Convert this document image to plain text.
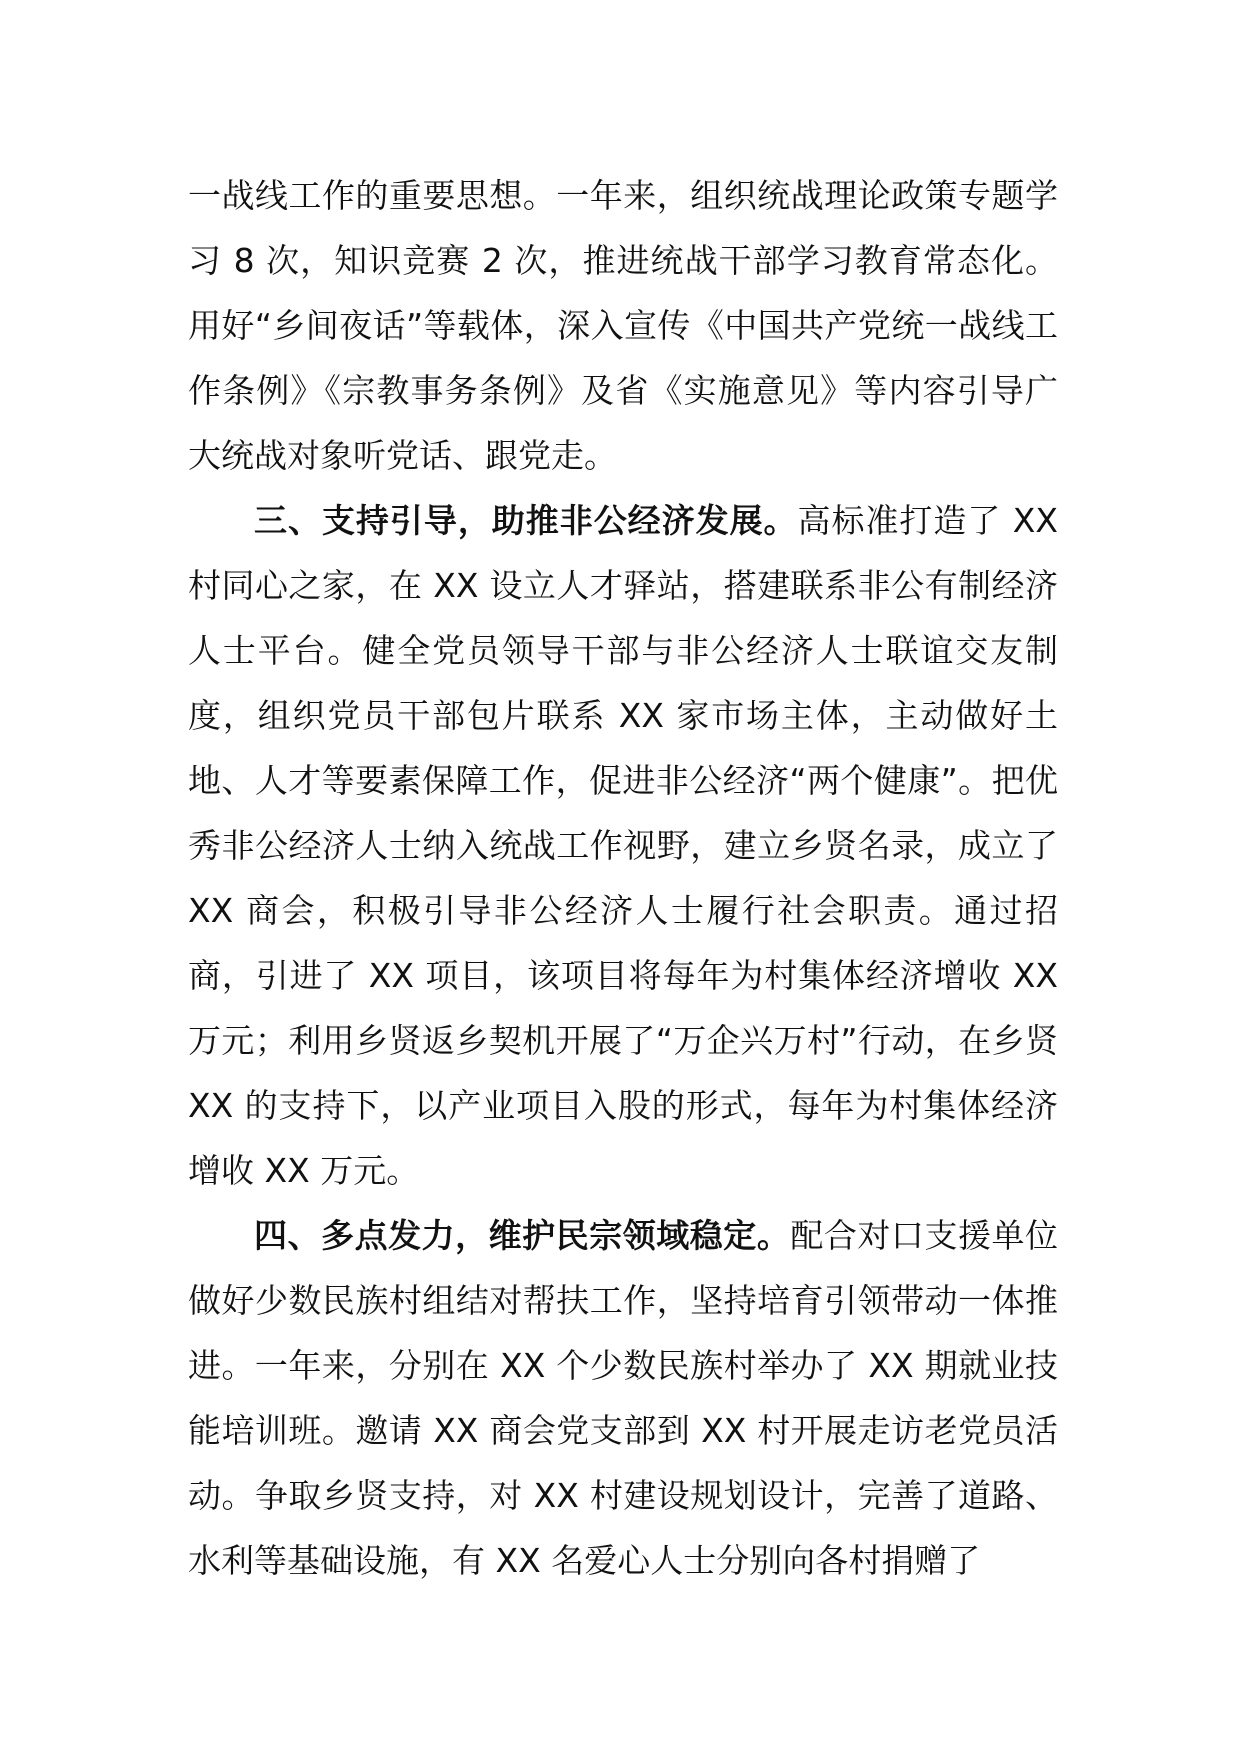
一战线工作的重要思想。一年来，组织统战理论政策专题学习 8 次，知识竞赛 2 次，推进统战干部学习教育常态化。用好“乡间夜话”等载体，深入宣传《中国共产党统一战线工作条例》《宗教事务条例》及省《实施意见》等内容引导广大统战对象听党话、跟党走。

三、支持引导，助推非公经济发展。高标准打造了 XX 村同心之家，在 XX 设立人才驿站，搭建联系非公有制经济人士平台。健全党员领导干部与非公经济人士联谊交友制度，组织党员干部包片联系 XX 家市场主体，主动做好土地、人才等要素保障工作，促进非公经济“两个健康”。把优秀非公经济人士纳入统战工作视野，建立乡贤名录，成立了 XX 商会，积极引导非公经济人士履行社会职责。通过招商，引进了 XX 项目，该项目将每年为村集体经济增收 XX 万元；利用乡贤返乡契机开展了“万企兴万村”行动，在乡贤 XX 的支持下，以产业项目入股的形式，每年为村集体经济增收 XX 万元。

四、多点发力，维护民宗领域稳定。配合对口支援单位做好少数民族村组结对帮扶工作，坚持培育引领带动一体推进。一年来，分别在 XX 个少数民族村举办了 XX 期就业技能培训班。邀请 XX 商会党支部到 XX 村开展走访老党员活动。争取乡贤支持，对 XX 村建设规划设计，完善了道路、水利等基础设施，有 XX 名爱心人士分别向各村捐赠了
